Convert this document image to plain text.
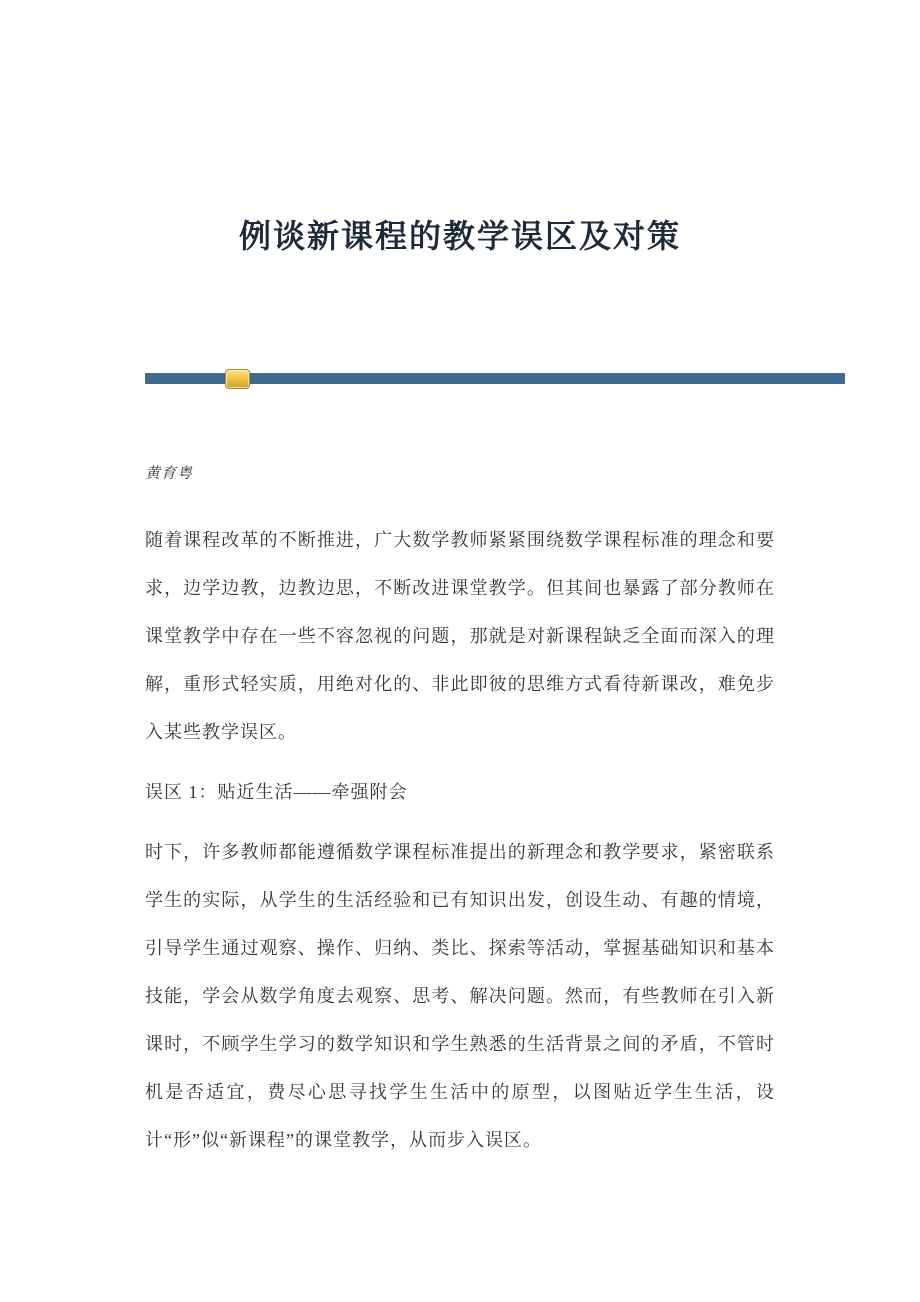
例谈新课程的教学误区及对策

黄育粤

随着课程改革的不断推进，广大数学教师紧紧围绕数学课程标准的理念和要求，边学边教，边教边思，不断改进课堂教学。但其间也暴露了部分教师在课堂教学中存在一些不容忽视的问题，那就是对新课程缺乏全面而深入的理解，重形式轻实质，用绝对化的、非此即彼的思维方式看待新课改，难免步入某些教学误区。

误区 1：贴近生活——牵强附会

时下，许多教师都能遵循数学课程标准提出的新理念和教学要求，紧密联系学生的实际，从学生的生活经验和已有知识出发，创设生动、有趣的情境，引导学生通过观察、操作、归纳、类比、探索等活动，掌握基础知识和基本技能，学会从数学角度去观察、思考、解决问题。然而，有些教师在引入新课时，不顾学生学习的数学知识和学生熟悉的生活背景之间的矛盾，不管时机是否适宜，费尽心思寻找学生生活中的原型，以图贴近学生生活，设计“形”似“新课程”的课堂教学，从而步入误区。
